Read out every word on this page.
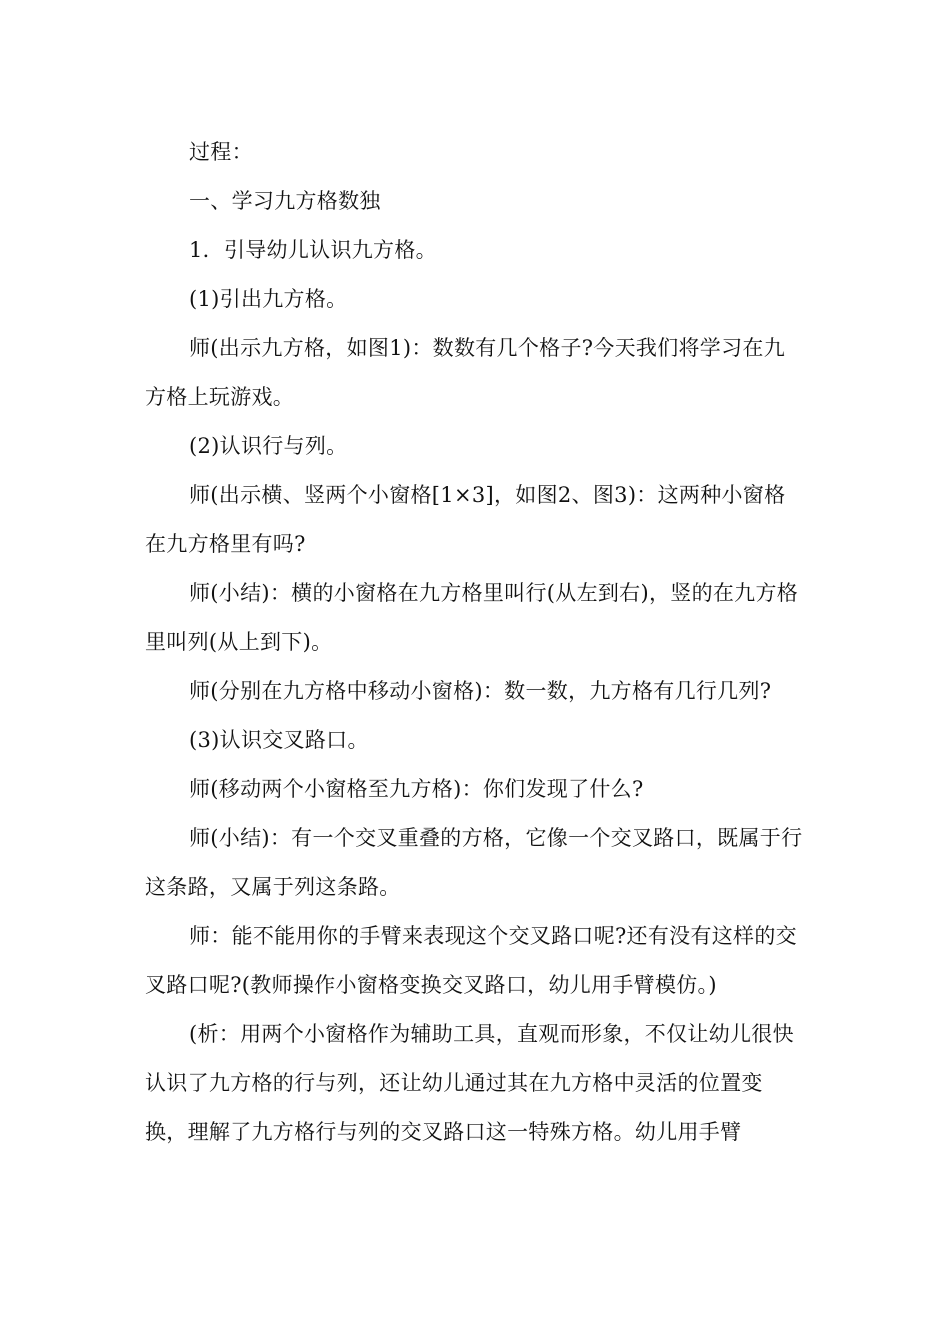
过程：

一、学习九方格数独

1．引导幼儿认识九方格。

(1)引出九方格。

师(出示九方格，如图1)：数数有几个格子?今天我们将学习在九方格上玩游戏。

(2)认识行与列。

师(出示横、竖两个小窗格[1×3]，如图2、图3)：这两种小窗格在九方格里有吗?

师(小结)：横的小窗格在九方格里叫行(从左到右)，竖的在九方格里叫列(从上到下)。

师(分别在九方格中移动小窗格)：数一数，九方格有几行几列?

(3)认识交叉路口。

师(移动两个小窗格至九方格)：你们发现了什么?

师(小结)：有一个交叉重叠的方格，它像一个交叉路口，既属于行这条路，又属于列这条路。

师：能不能用你的手臂来表现这个交叉路口呢?还有没有这样的交叉路口呢?(教师操作小窗格变换交叉路口，幼儿用手臂模仿。)

(析：用两个小窗格作为辅助工具，直观而形象，不仅让幼儿很快认识了九方格的行与列，还让幼儿通过其在九方格中灵活的位置变换，理解了九方格行与列的交叉路口这一特殊方格。幼儿用手臂
